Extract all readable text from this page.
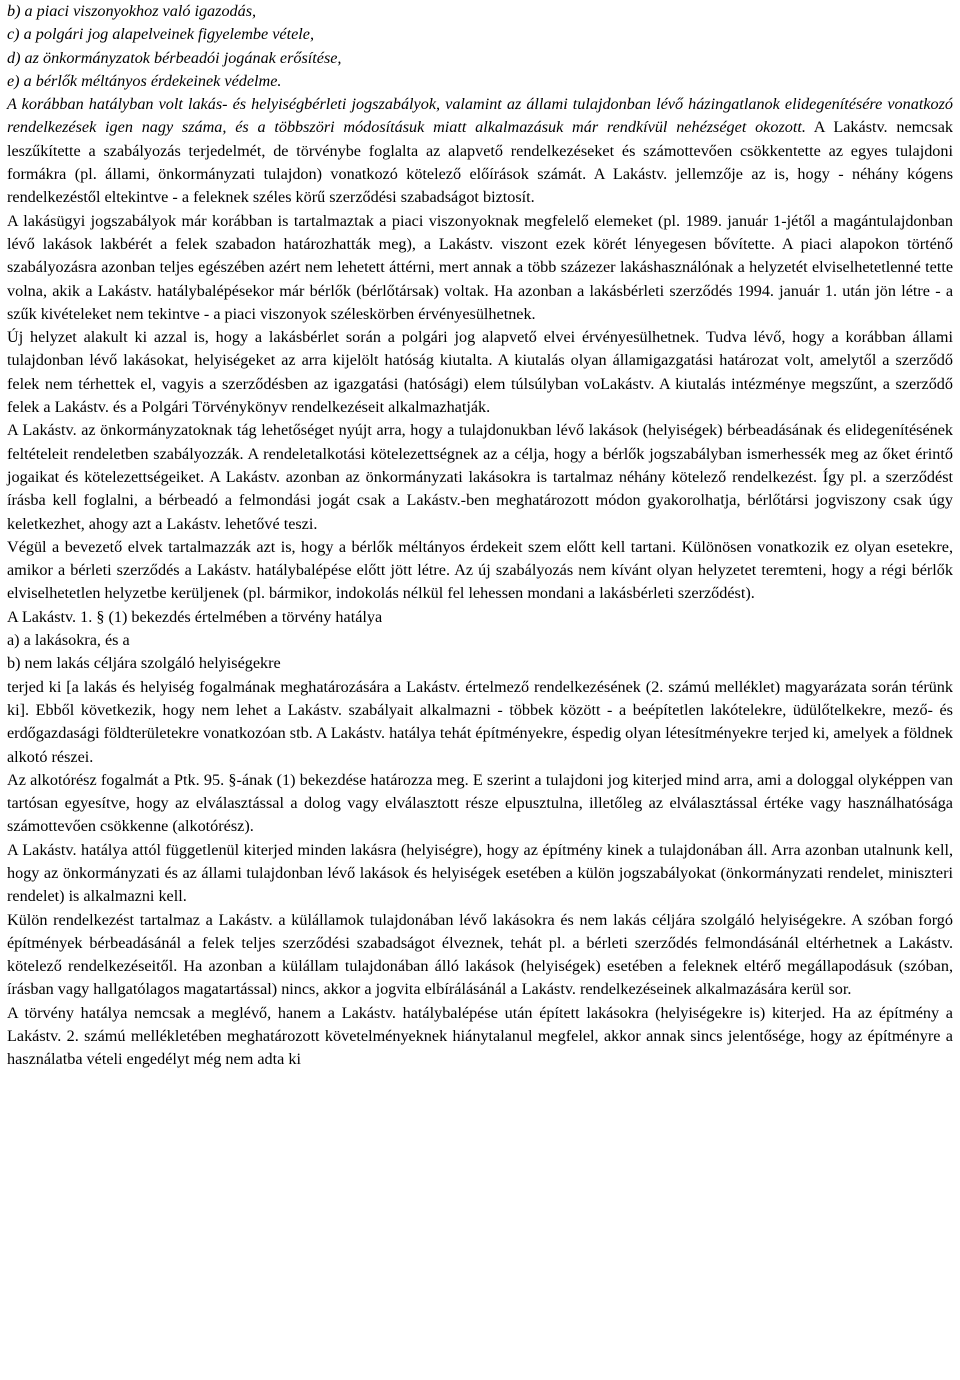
b) a piaci viszonyokhoz való igazodás,

c) a polgári jog alapelveinek figyelembe vétele,

d) az önkormányzatok bérbeadói jogának erősítése,

e) a bérlők méltányos érdekeinek védelme.

A korábban hatályban volt lakás- és helyiségbérleti jogszabályok, valamint az állami tulajdonban lévő házingatlanok elidegenítésére vonatkozó rendelkezések igen nagy száma, és a többszöri módosításuk miatt alkalmazásuk már rendkívül nehézséget okozott. A Lakástv. nemcsak leszűkítette a szabályozás terjedelmét, de törvénybe foglalta az alapvető rendelkezéseket és számottevően csökkentette az egyes tulajdoni formákra (pl. állami, önkormányzati tulajdon) vonatkozó kötelező előírások számát. A Lakástv. jellemzője az is, hogy - néhány kógens rendelkezéstől eltekintve - a feleknek széles körű szerződési szabadságot biztosít.

A lakásügyi jogszabályok már korábban is tartalmaztak a piaci viszonyoknak megfelelő elemeket (pl. 1989. január 1-jétől a magántulajdonban lévő lakások lakbérét a felek szabadon határozhatták meg), a Lakástv. viszont ezek körét lényegesen bővítette. A piaci alapokon történő szabályozásra azonban teljes egészében azért nem lehetett áttérni, mert annak a több százezer lakáshasználónak a helyzetét elviselhetetlenné tette volna, akik a Lakástv. hatálybalépésekor már bérlők (bérlőtársak) voltak. Ha azonban a lakásbérleti szerződés 1994. január 1. után jön létre - a szűk kivételeket nem tekintve - a piaci viszonyok széleskörben érvényesülhetnek.

Új helyzet alakult ki azzal is, hogy a lakásbérlet során a polgári jog alapvető elvei érvényesülhetnek. Tudva lévő, hogy a korábban állami tulajdonban lévő lakásokat, helyiségeket az arra kijelölt hatóság kiutalta. A kiutalás olyan államigazgatási határozat volt, amelytől a szerződő felek nem térhettek el, vagyis a szerződésben az igazgatási (hatósági) elem túlsúlyban voLakástv. A kiutalás intézménye megszűnt, a szerződő felek a Lakástv. és a Polgári Törvénykönyv rendelkezéseit alkalmazhatják.

A Lakástv. az önkormányzatoknak tág lehetőséget nyújt arra, hogy a tulajdonukban lévő lakások (helyiségek) bérbeadásának és elidegenítésének feltételeit rendeletben szabályozzák. A rendeletalkotási kötelezettségnek az a célja, hogy a bérlők jogszabályban ismerhessék meg az őket érintő jogaikat és kötelezettségeiket. A Lakástv. azonban az önkormányzati lakásokra is tartalmaz néhány kötelező rendelkezést. Így pl. a szerződést írásba kell foglalni, a bérbeadó a felmondási jogát csak a Lakástv.-ben meghatározott módon gyakorolhatja, bérlőtársi jogviszony csak úgy keletkezhet, ahogy azt a Lakástv. lehetővé teszi.

Végül a bevezető elvek tartalmazzák azt is, hogy a bérlők méltányos érdekeit szem előtt kell tartani. Különösen vonatkozik ez olyan esetekre, amikor a bérleti szerződés a Lakástv. hatálybalépése előtt jött létre. Az új szabályozás nem kívánt olyan helyzetet teremteni, hogy a régi bérlők elviselhetetlen helyzetbe kerüljenek (pl. bármikor, indokolás nélkül fel lehessen mondani a lakásbérleti szerződést).

A Lakástv. 1. § (1) bekezdés értelmében a törvény hatálya

a) a lakásokra, és a

b) nem lakás céljára szolgáló helyiségekre

terjed ki [a lakás és helyiség fogalmának meghatározására a Lakástv. értelmező rendelkezésének (2. számú melléklet) magyarázata során térünk ki]. Ebből következik, hogy nem lehet a Lakástv. szabályait alkalmazni - többek között - a beépítetlen lakótelekre, üdülőtelkekre, mező- és erdőgazdasági földterületekre vonatkozóan stb. A Lakástv. hatálya tehát építményekre, éspedig olyan létesítményekre terjed ki, amelyek a földnek alkotó részei.

Az alkotórész fogalmát a Ptk. 95. §-ának (1) bekezdése határozza meg. E szerint a tulajdoni jog kiterjed mind arra, ami a dologgal olyképpen van tartósan egyesítve, hogy az elválasztással a dolog vagy elválasztott része elpusztulna, illetőleg az elválasztással értéke vagy használhatósága számottevően csökkenne (alkotórész).

A Lakástv. hatálya attól függetlenül kiterjed minden lakásra (helyiségre), hogy az építmény kinek a tulajdonában áll. Arra azonban utalnunk kell, hogy az önkormányzati és az állami tulajdonban lévő lakások és helyiségek esetében a külön jogszabályokat (önkormányzati rendelet, miniszteri rendelet) is alkalmazni kell.

Külön rendelkezést tartalmaz a Lakástv. a külállamok tulajdonában lévő lakásokra és nem lakás céljára szolgáló helyiségekre. A szóban forgó építmények bérbeadásánál a felek teljes szerződési szabadságot élveznek, tehát pl. a bérleti szerződés felmondásánál eltérhetnek a Lakástv. kötelező rendelkezéseitől. Ha azonban a külállam tulajdonában álló lakások (helyiségek) esetében a feleknek eltérő megállapodásuk (szóban, írásban vagy hallgatólagos magatartással) nincs, akkor a jogvita elbírálásánál a Lakástv. rendelkezéseinek alkalmazására kerül sor.

A törvény hatálya nemcsak a meglévő, hanem a Lakástv. hatálybalépése után épített lakásokra (helyiségekre is) kiterjed. Ha az építmény a Lakástv. 2. számú mellékletében meghatározott követelményeknek hiánytalanul megfelel, akkor annak sincs jelentősége, hogy az építményre a használatba vételi engedélyt még nem adta ki
